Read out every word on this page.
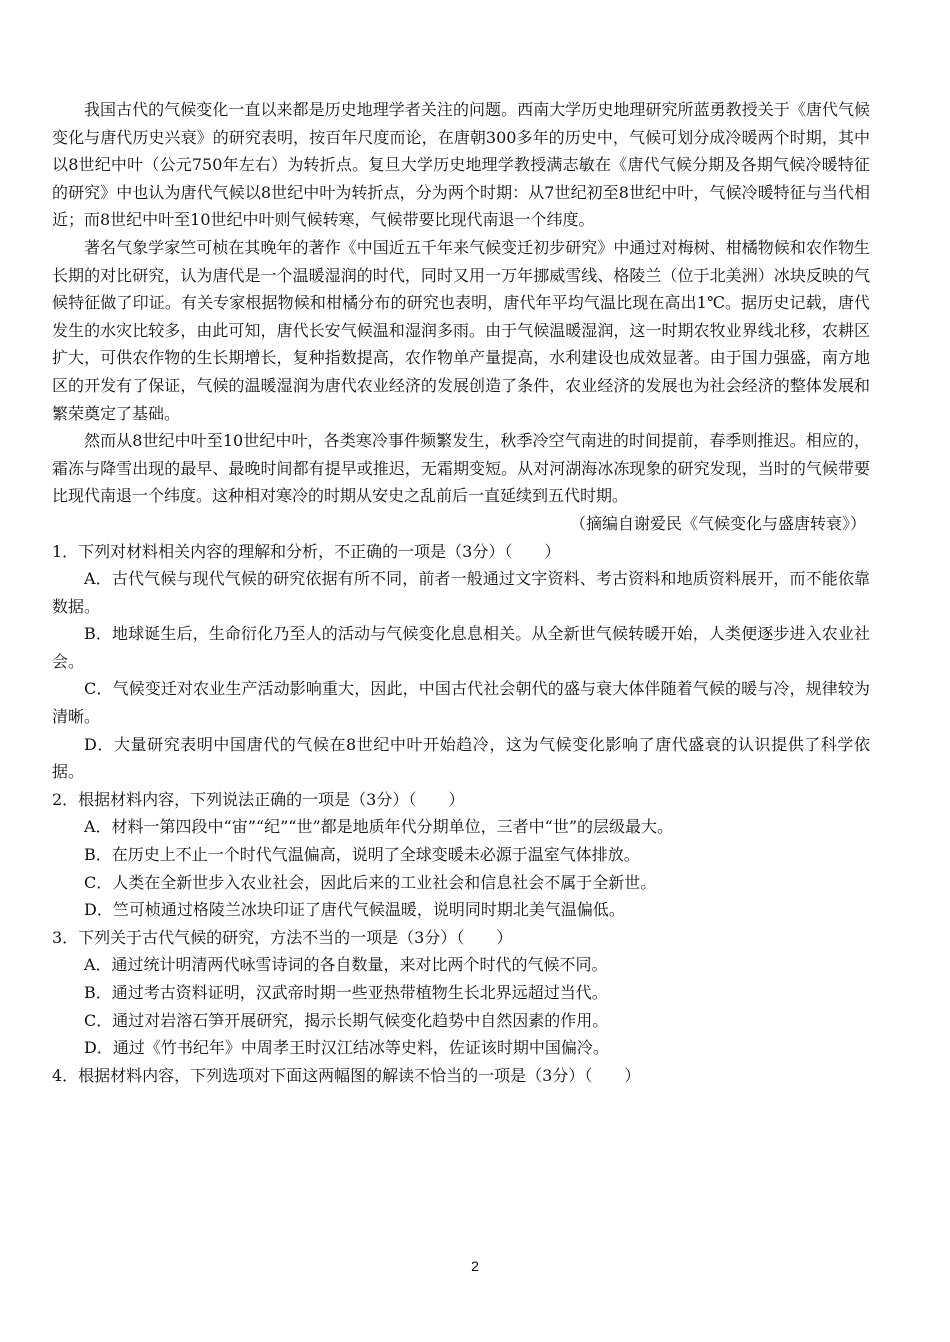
我国古代的气候变化一直以来都是历史地理学者关注的问题。西南大学历史地理研究所蓝勇教授关于《唐代气候变化与唐代历史兴衰》的研究表明，按百年尺度而论，在唐朝300多年的历史中，气候可划分成冷暖两个时期，其中以8世纪中叶（公元750年左右）为转折点。复旦大学历史地理学教授满志敏在《唐代气候分期及各期气候冷暖特征的研究》中也认为唐代气候以8世纪中叶为转折点，分为两个时期：从7世纪初至8世纪中叶，气候冷暖特征与当代相近；而8世纪中叶至10世纪中叶则气候转寒，气候带要比现代南退一个纬度。

著名气象学家竺可桢在其晚年的著作《中国近五千年来气候变迁初步研究》中通过对梅树、柑橘物候和农作物生长期的对比研究，认为唐代是一个温暖湿润的时代，同时又用一万年挪威雪线、格陵兰（位于北美洲）冰块反映的气候特征做了印证。有关专家根据物候和柑橘分布的研究也表明，唐代年平均气温比现在高出1℃。据历史记载，唐代发生的水灾比较多，由此可知，唐代长安气候温和湿润多雨。由于气候温暖湿润，这一时期农牧业界线北移，农耕区扩大，可供农作物的生长期增长，复种指数提高，农作物单产量提高，水利建设也成效显著。由于国力强盛，南方地区的开发有了保证，气候的温暖湿润为唐代农业经济的发展创造了条件，农业经济的发展也为社会经济的整体发展和繁荣奠定了基础。

然而从8世纪中叶至10世纪中叶，各类寒冷事件频繁发生，秋季冷空气南进的时间提前，春季则推迟。相应的，霜冻与降雪出现的最早、最晚时间都有提早或推迟，无霜期变短。从对河湖海冰冻现象的研究发现，当时的气候带要比现代南退一个纬度。这种相对寒冷的时期从安史之乱前后一直延续到五代时期。

（摘编自谢爱民《气候变化与盛唐转衰》）

1．下列对材料相关内容的理解和分析，不正确的一项是（3分）（　　）

A．古代气候与现代气候的研究依据有所不同，前者一般通过文字资料、考古资料和地质资料展开，而不能依靠数据。

B．地球诞生后，生命衍化乃至人的活动与气候变化息息相关。从全新世气候转暖开始，人类便逐步进入农业社会。

C．气候变迁对农业生产活动影响重大，因此，中国古代社会朝代的盛与衰大体伴随着气候的暖与冷，规律较为清晰。

D．大量研究表明中国唐代的气候在8世纪中叶开始趋冷，这为气候变化影响了唐代盛衰的认识提供了科学依据。

2．根据材料内容，下列说法正确的一项是（3分）（　　）

A．材料一第四段中“宙”“纪”“世”都是地质年代分期单位，三者中“世”的层级最大。

B．在历史上不止一个时代气温偏高，说明了全球变暖未必源于温室气体排放。

C．人类在全新世步入农业社会，因此后来的工业社会和信息社会不属于全新世。

D．竺可桢通过格陵兰冰块印证了唐代气候温暖，说明同时期北美气温偏低。

3．下列关于古代气候的研究，方法不当的一项是（3分）（　　）

A．通过统计明清两代咏雪诗词的各自数量，来对比两个时代的气候不同。

B．通过考古资料证明，汉武帝时期一些亚热带植物生长北界远超过当代。

C．通过对岩溶石笋开展研究，揭示长期气候变化趋势中自然因素的作用。

D．通过《竹书纪年》中周孝王时汉江结冰等史料，佐证该时期中国偏冷。

4．根据材料内容，下列选项对下面这两幅图的解读不恰当的一项是（3分）（　　）

2
